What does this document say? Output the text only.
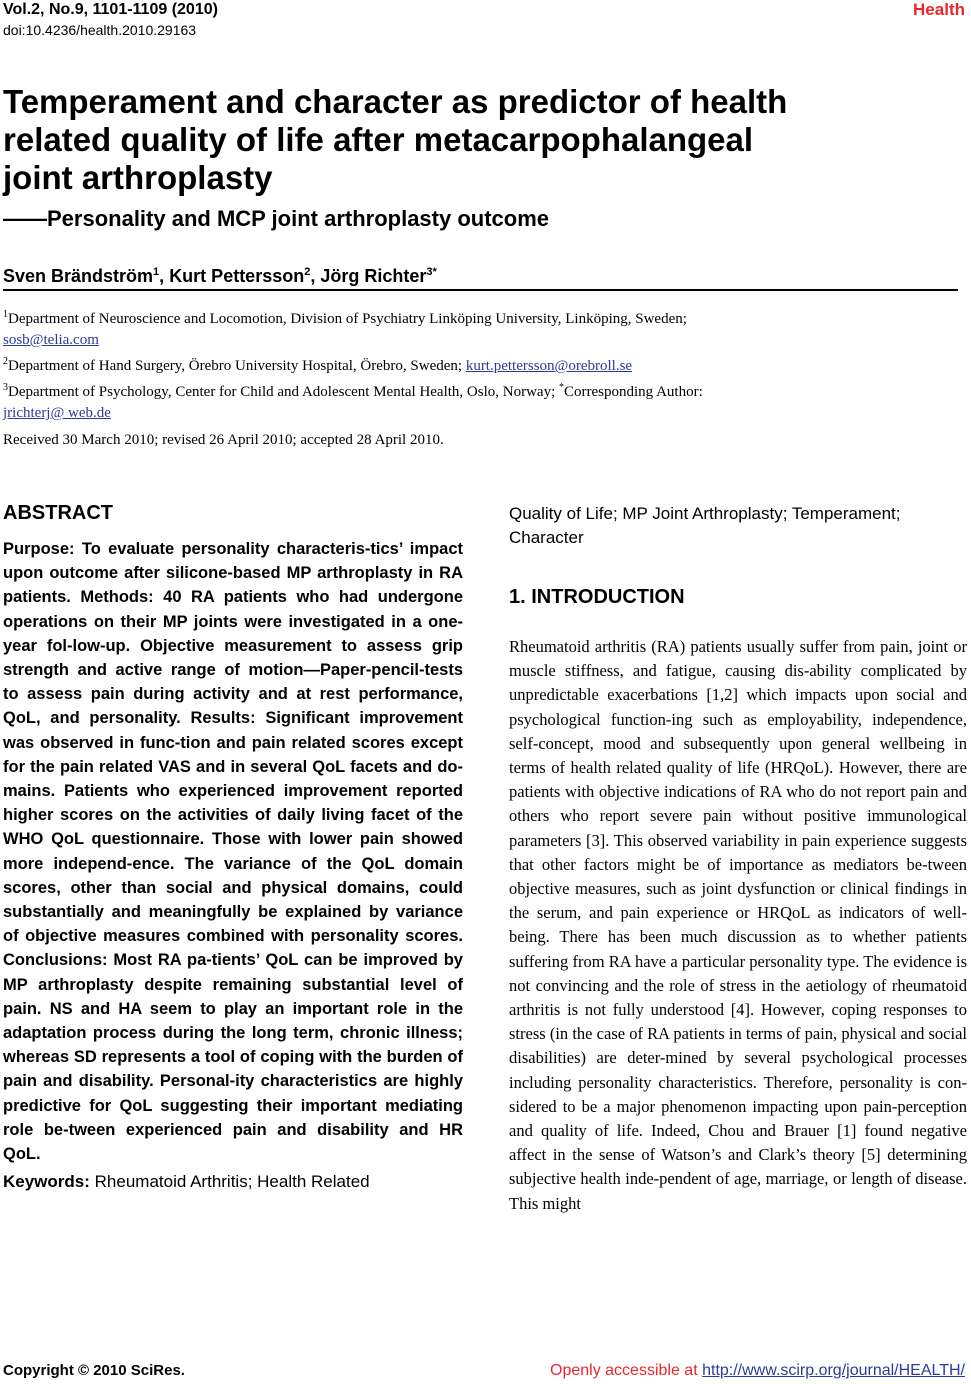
Vol.2, No.9, 1101-1109 (2010)
doi:10.4236/health.2010.29163
Health
Temperament and character as predictor of health
related quality of life after metacarpophalangeal
joint arthroplasty
——Personality and MCP joint arthroplasty outcome
Sven Brändström$^1$, Kurt Pettersson$^2$, Jörg Richter$^{3*}$
$^1$Department of Neuroscience and Locomotion, Division of Psychiatry Linköping University, Linköping, Sweden;
sosb@telia.com
$^2$Department of Hand Surgery, Örebro University Hospital, Örebro, Sweden; kurt.pettersson@orebroll.se
$^3$Department of Psychology, Center for Child and Adolescent Mental Health, Oslo, Norway; *Corresponding Author:
jrichterj@ web.de
Received 30 March 2010; revised 26 April 2010; accepted 28 April 2010.
ABSTRACT

Purpose: To evaluate personality characteris-tics’ impact upon outcome after silicone-based MP arthroplasty in RA patients. Methods: 40 RA patients who had undergone operations on their MP joints were investigated in a one-year fol-low-up. Objective measurement to assess grip strength and active range of motion—Paper-pencil-tests to assess pain during activity and at rest performance, QoL, and personality. Results: Significant improvement was observed in func-tion and pain related scores except for the pain related VAS and in several QoL facets and do-mains. Patients who experienced improvement reported higher scores on the activities of daily living facet of the WHO QoL questionnaire. Those with lower pain showed more independ-ence. The variance of the QoL domain scores, other than social and physical domains, could substantially and meaningfully be explained by variance of objective measures combined with personality scores. Conclusions: Most RA pa-tients’ QoL can be improved by MP arthroplasty despite remaining substantial level of pain. NS and HA seem to play an important role in the adaptation process during the long term, chronic illness; whereas SD represents a tool of coping with the burden of pain and disability. Personal-ity characteristics are highly predictive for QoL suggesting their important mediating role be-tween experienced pain and disability and HR QoL.

Keywords: Rheumatoid Arthritis; Health Related
Quality of Life; MP Joint Arthroplasty; Temperament; Character
1. INTRODUCTION

Rheumatoid arthritis (RA) patients usually suffer from pain, joint or muscle stiffness, and fatigue, causing dis-ability complicated by unpredictable exacerbations [1,2] which impacts upon social and psychological function-ing such as employability, independence, self-concept, mood and subsequently upon general wellbeing in terms of health related quality of life (HRQoL). However, there are patients with objective indications of RA who do not report pain and others who report severe pain without positive immunological parameters [3]. This observed variability in pain experience suggests that other factors might be of importance as mediators be-tween objective measures, such as joint dysfunction or clinical findings in the serum, and pain experience or HRQoL as indicators of well-being. There has been much discussion as to whether patients suffering from RA have a particular personality type. The evidence is not convincing and the role of stress in the aetiology of rheumatoid arthritis is not fully understood [4]. However, coping responses to stress (in the case of RA patients in terms of pain, physical and social disabilities) are deter-mined by several psychological processes including personality characteristics. Therefore, personality is con-sidered to be a major phenomenon impacting upon pain-perception and quality of life. Indeed, Chou and Brauer [1] found negative affect in the sense of Watson’s and Clark’s theory [5] determining subjective health inde-pendent of age, marriage, or length of disease. This might

Copyright © 2010 SciRes.	Openly accessible at http://www.scirp.org/journal/HEALTH/
